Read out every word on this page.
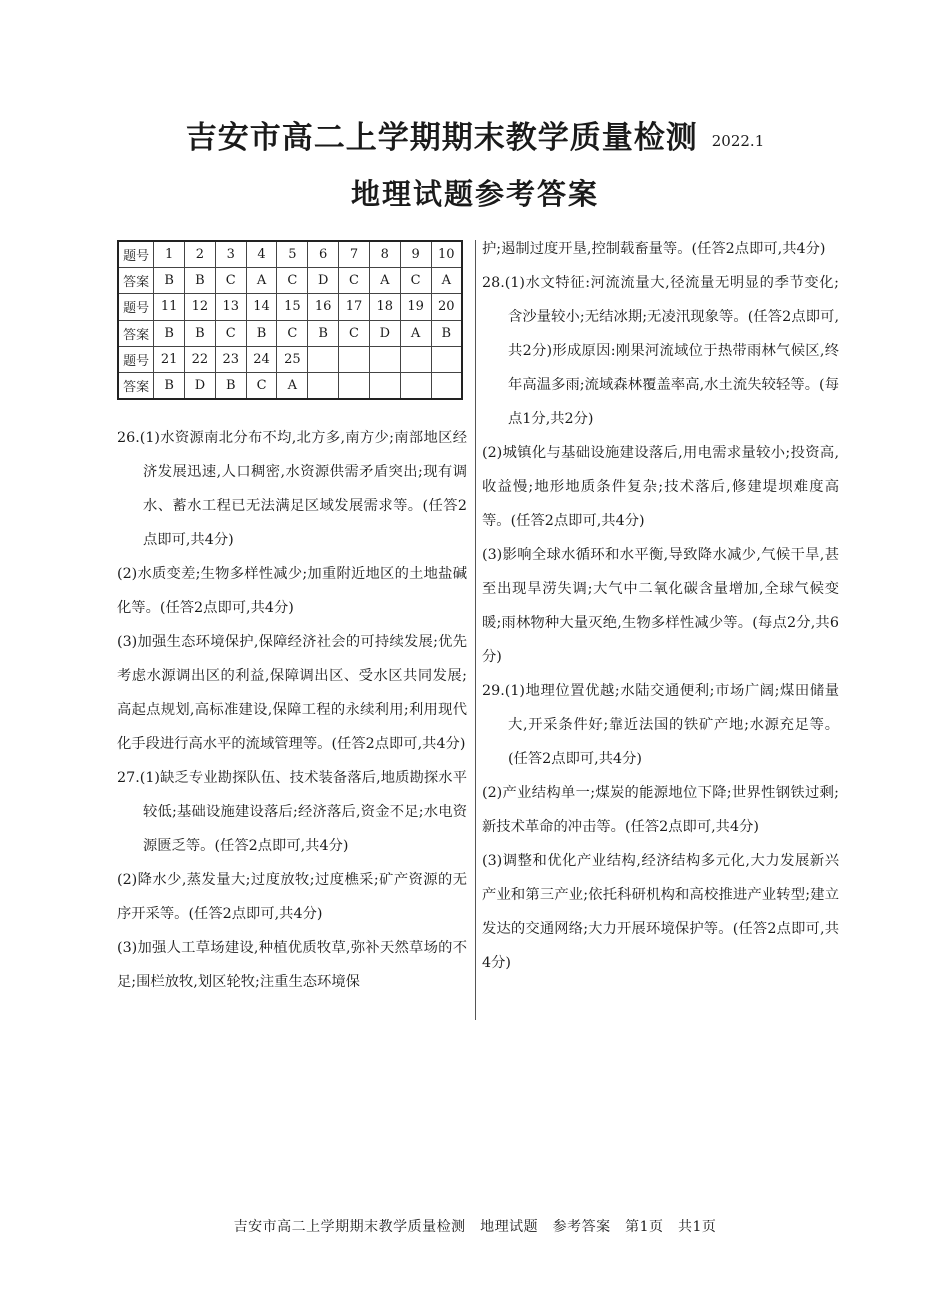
吉安市高二上学期期末教学质量检测 2022.1
地理试题参考答案
题号	1	2	3	4	5	6	7	8	9	10
答案	B	B	C	A	C	D	C	A	C	A
题号	11	12	13	14	15	16	17	18	19	20
答案	B	B	C	B	C	B	C	D	A	B
题号	21	22	23	24	25					
答案	B	D	B	C	A					

26.(1)水资源南北分布不均,北方多,南方少;南部地区经济发展迅速,人口稠密,水资源供需矛盾突出;现有调水、蓄水工程已无法满足区域发展需求等。(任答2点即可,共4分)

(2)水质变差;生物多样性减少;加重附近地区的土地盐碱化等。(任答2点即可,共4分)

(3)加强生态环境保护,保障经济社会的可持续发展;优先考虑水源调出区的利益,保障调出区、受水区共同发展;高起点规划,高标准建设,保障工程的永续利用;利用现代化手段进行高水平的流域管理等。(任答2点即可,共4分)

27.(1)缺乏专业勘探队伍、技术装备落后,地质勘探水平较低;基础设施建设落后;经济落后,资金不足;水电资源匮乏等。(任答2点即可,共4分)

(2)降水少,蒸发量大;过度放牧;过度樵采;矿产资源的无序开采等。(任答2点即可,共4分)

(3)加强人工草场建设,种植优质牧草,弥补天然草场的不足;围栏放牧,划区轮牧;注重生态环境保

护;遏制过度开垦,控制载畜量等。(任答2点即可,共4分)

28.(1)水文特征:河流流量大,径流量无明显的季节变化;含沙量较小;无结冰期;无凌汛现象等。(任答2点即可,共2分)形成原因:刚果河流域位于热带雨林气候区,终年高温多雨;流域森林覆盖率高,水土流失较轻等。(每点1分,共2分)

(2)城镇化与基础设施建设落后,用电需求量较小;投资高,收益慢;地形地质条件复杂;技术落后,修建堤坝难度高等。(任答2点即可,共4分)

(3)影响全球水循环和水平衡,导致降水减少,气候干旱,甚至出现旱涝失调;大气中二氧化碳含量增加,全球气候变暖;雨林物种大量灭绝,生物多样性减少等。(每点2分,共6分)

29.(1)地理位置优越;水陆交通便利;市场广阔;煤田储量大,开采条件好;靠近法国的铁矿产地;水源充足等。(任答2点即可,共4分)

(2)产业结构单一;煤炭的能源地位下降;世界性钢铁过剩;新技术革命的冲击等。(任答2点即可,共4分)

(3)调整和优化产业结构,经济结构多元化,大力发展新兴产业和第三产业;依托科研机构和高校推进产业转型;建立发达的交通网络;大力开展环境保护等。(任答2点即可,共4分)

吉安市高二上学期期末教学质量检测　地理试题　参考答案　第1页　共1页
